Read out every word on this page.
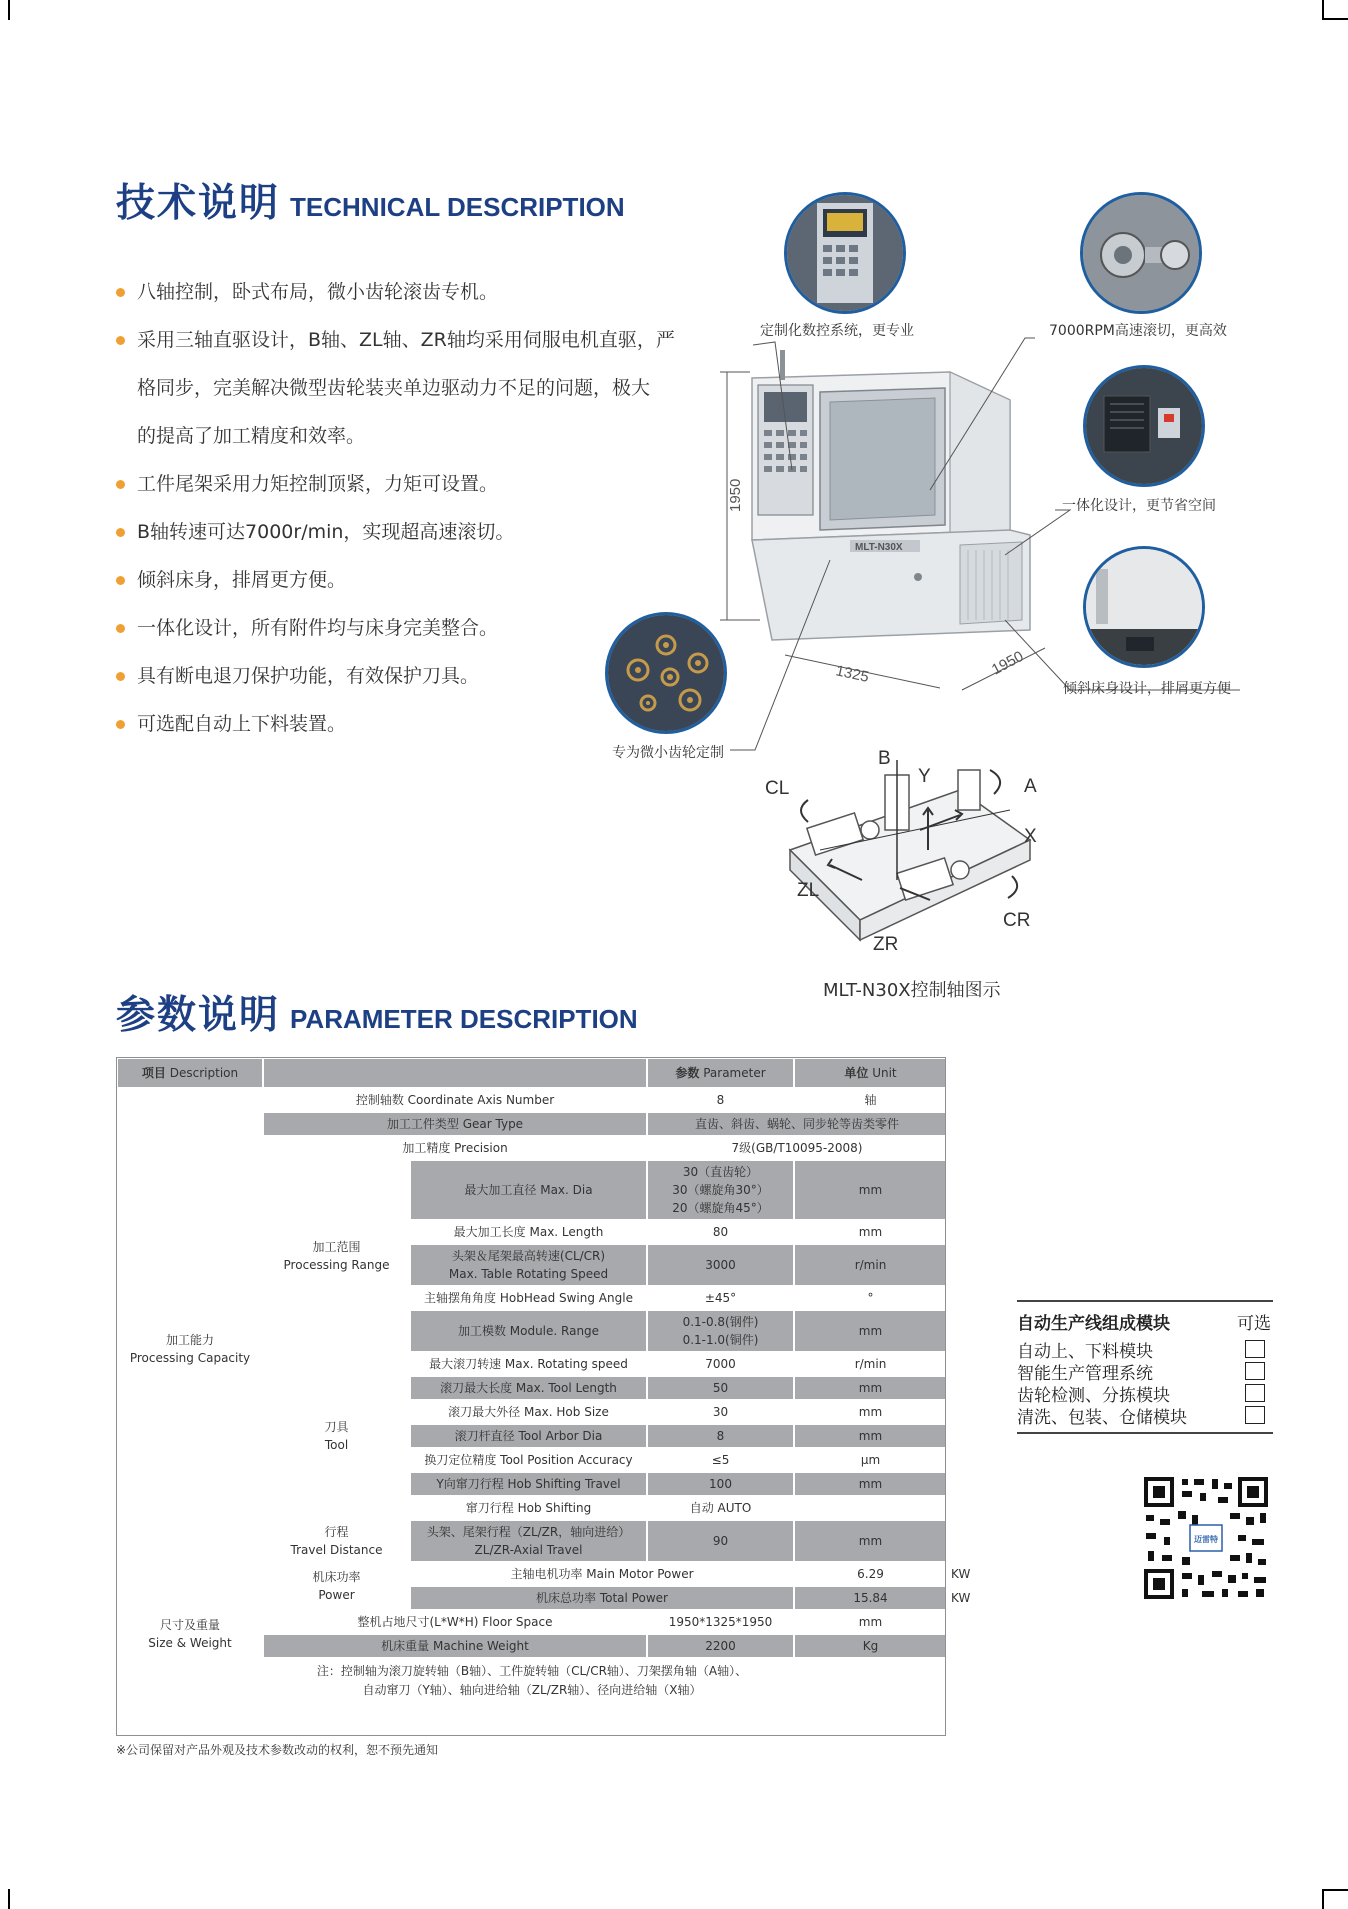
技术说明 TECHNICAL DESCRIPTION
八轴控制，卧式布局，微小齿轮滚齿专机。
采用三轴直驱设计，B轴、ZL轴、ZR轴均采用伺服电机直驱，严
格同步，完美解决微型齿轮装夹单边驱动力不足的问题，极大
的提高了加工精度和效率。
工件尾架采用力矩控制顶紧，力矩可设置。
B轴转速可达7000r/min，实现超高速滚切。
倾斜床身，排屑更方便。
一体化设计，所有附件均与床身完美整合。
具有断电退刀保护功能，有效保护刀具。
可选配自动上下料装置。
MLT-N30X
1950
1325	1950
定制化数控系统，更专业	7000RPM高速滚切，更高效
一体化设计，更节省空间
倾斜床身设计，排屑更方便
专为微小齿轮定制	B
Y
CL	A
X
ZL
CR
ZR
MLT-N30X控制轴图示
参数说明 PARAMETER DESCRIPTION
项目 Description			参数 Parameter	单位 Unit	
加工能力
Processing Capacity	控制轴数 Coordinate Axis Number		8	轴	
	加工工件类型 Gear Type		直齿、斜齿、蜗轮、同步轮等齿类零件		
	加工精度 Precision		7级(GB/T10095-2008)		
	加工范围
Processing Range	最大加工直径 Max. Dia	30（直齿轮）
30（螺旋角30°）
20（螺旋角45°）	mm	
		最大加工长度 Max. Length	80	mm	
		头架＆尾架最高转速(CL/CR)
Max. Table Rotating Speed	3000	r/min	
		主轴摆角角度 HobHead Swing Angle	±45°	°	
		加工模数 Module. Range	0.1-0.8(钢件)
0.1-1.0(铜件)	mm	
	刀具
Tool	最大滚刀转速 Max. Rotating speed	7000	r/min	
		滚刀最大长度 Max. Tool Length	50	mm	
		滚刀最大外径 Max. Hob Size	30	mm	
		滚刀杆直径 Tool Arbor Dia	8	mm	
		换刀定位精度 Tool Position Accuracy	≤5	μm	
		Y向窜刀行程 Hob Shifting Travel	100	mm	
		窜刀行程 Hob Shifting	自动 AUTO		
	行程
Travel Distance	头架、尾架行程（ZL/ZR，轴向进给）
ZL/ZR-Axial Travel	90	mm	
	机床功率
Power	主轴电机功率 Main Motor Power		6.29	KW
		机床总功率 Total Power		15.84	KW
尺寸及重量
Size & Weight	整机占地尺寸(L*W*H) Floor Space		1950*1325*1950	mm	
	机床重量 Machine Weight		2200	Kg	
注：控制轴为滚刀旋转轴（B轴）、工件旋转轴（CL/CR轴）、刀架摆角轴（A轴）、
自动窜刀（Y轴）、轴向进给轴（ZL/ZR轴）、径向进给轴（X轴）					
※公司保留对产品外观及技术参数改动的权利，恕不预先通知
自动生产线组成模块	可选
自动上、下料模块
智能生产管理系统
齿轮检测、分拣模块
清洗、包装、仓储模块
迈雷特
